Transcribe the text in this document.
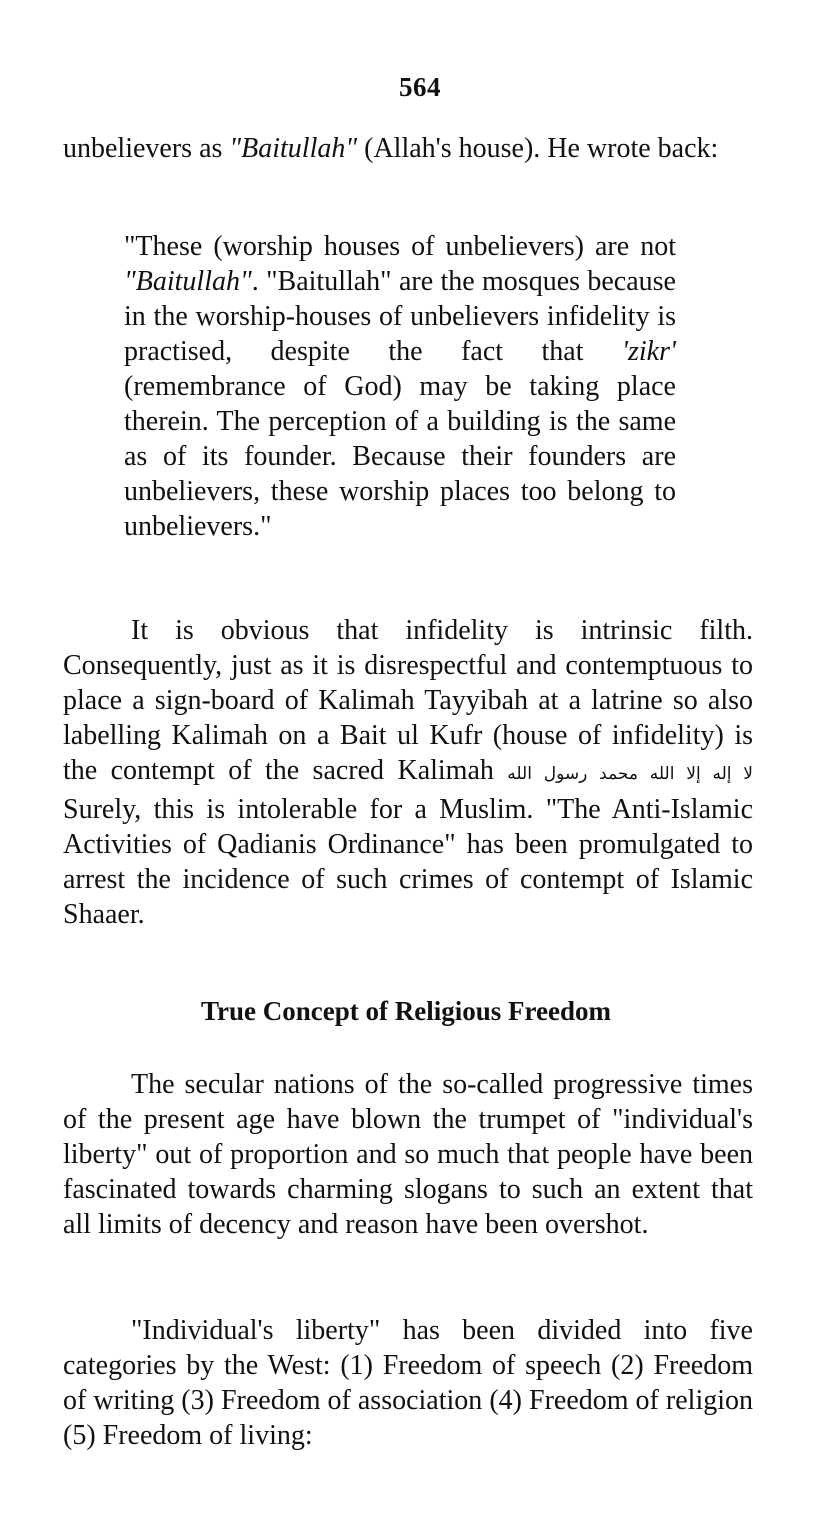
564

unbelievers as "Baitullah" (Allah's house). He wrote back:

"These (worship houses of unbelievers) are not "Baitullah". "Baitullah" are the mosques because in the worship-houses of unbelievers infidelity is practised, despite the fact that 'zikr' (remembrance of God) may be taking place therein. The perception of a building is the same as of its founder. Because their founders are unbelievers, these worship places too belong to unbelievers."

It is obvious that infidelity is intrinsic filth. Consequently, just as it is disrespectful and contemptuous to place a sign-board of Kalimah Tayyibah at a latrine so also labelling Kalimah on a Bait ul Kufr (house of infidelity) is the contempt of the sacred Kalimah لا إله إلا الله محمد رسول الله Surely, this is intolerable for a Muslim. "The Anti-Islamic Activities of Qadianis Ordinance" has been promulgated to arrest the incidence of such crimes of contempt of Islamic Shaaer.

True Concept of Religious Freedom

The secular nations of the so-called progressive times of the present age have blown the trumpet of "individual's liberty" out of proportion and so much that people have been fascinated towards charming slogans to such an extent that all limits of decency and reason have been overshot.

"Individual's liberty" has been divided into five categories by the West: (1) Freedom of speech (2) Freedom of writing (3) Freedom of association (4) Freedom of religion (5) Freedom of living:
